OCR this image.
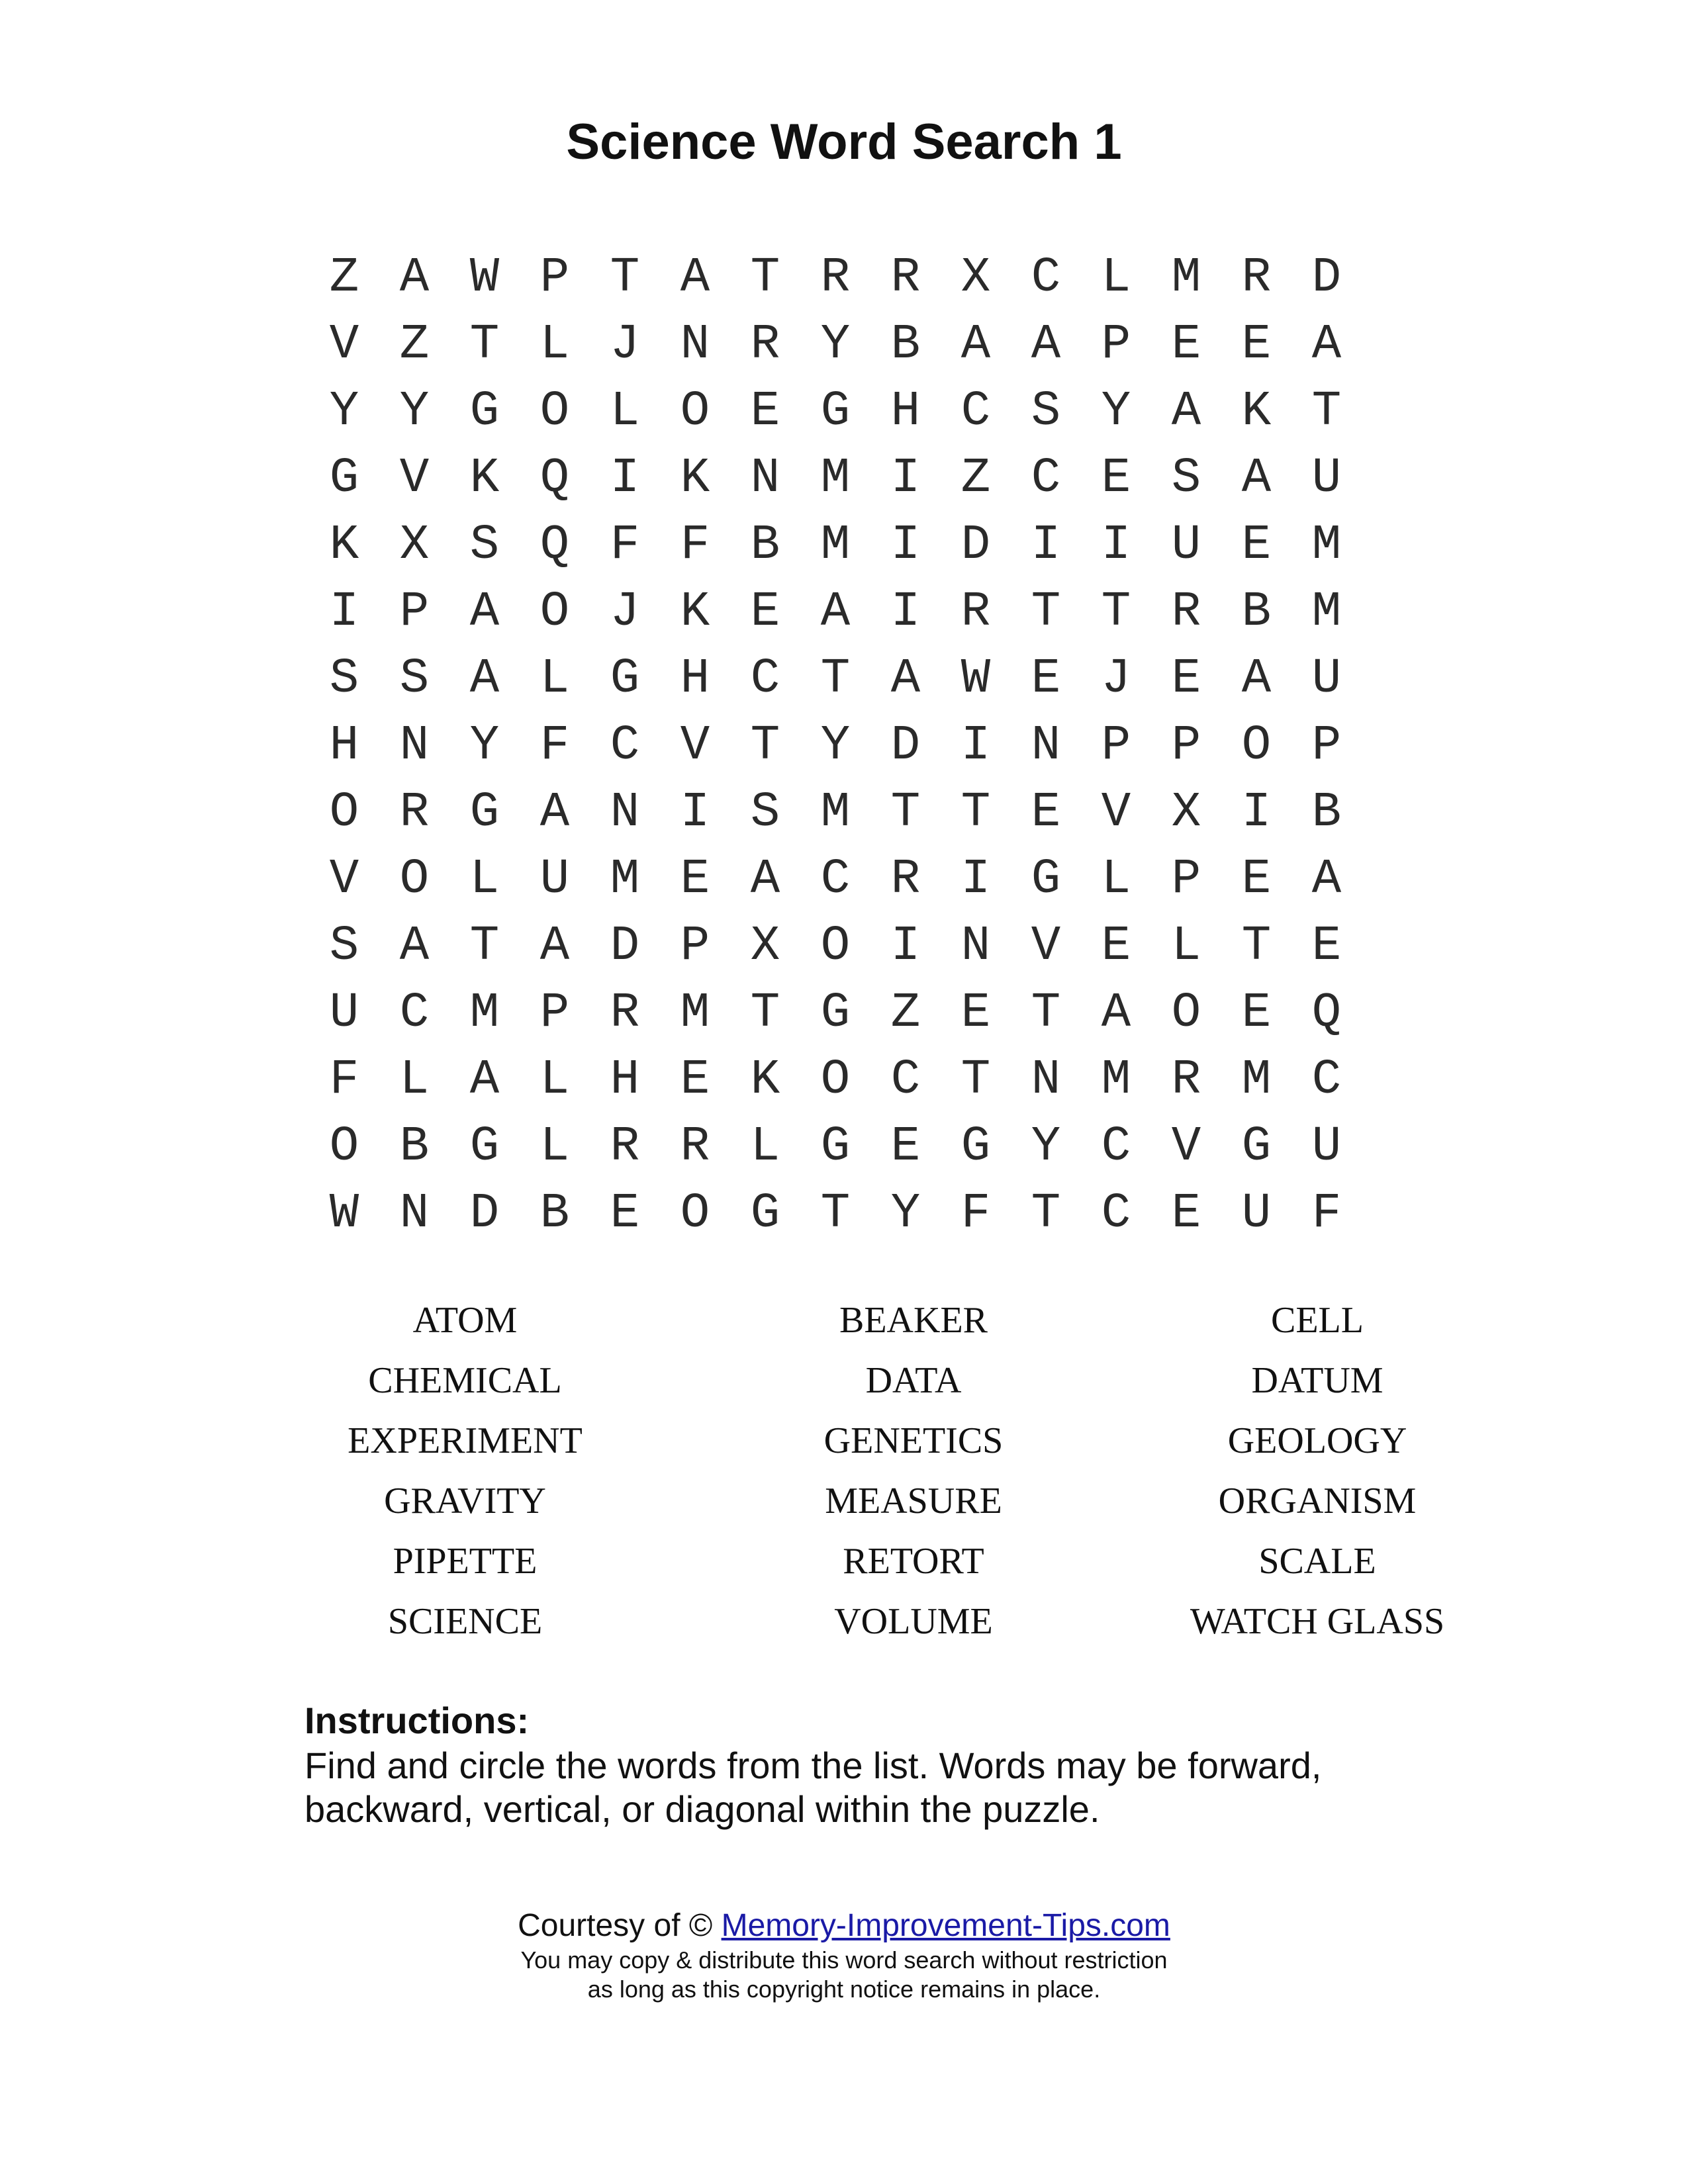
Science Word Search 1
Z A W P T A T R R X C L M R D
V Z T L J N R Y B A A P E E A
Y Y G O L O E G H C S Y A K T
G V K Q I K N M I Z C E S A U
K X S Q F F B M I D I I U E M
I P A O J K E A I R T T R B M
S S A L G H C T A W E J E A U
H N Y F C V T Y D I N P P O P
O R G A N I S M T T E V X I B
V O L U M E A C R I G L P E A
S A T A D P X O I N V E L T E
U C M P R M T G Z E T A O E Q
F L A L H E K O C T N M R M C
O B G L R R L G E G Y C V G U
W N D B E O G T Y F T C E U F
ATOM
CHEMICAL
EXPERIMENT
GRAVITY
PIPETTE
SCIENCE
BEAKER
DATA
GENETICS
MEASURE
RETORT
VOLUME
CELL
DATUM
GEOLOGY
ORGANISM
SCALE
WATCH GLASS
Instructions:
Find and circle the words from the list. Words may be forward,
backward, vertical, or diagonal within the puzzle.
Courtesy of © Memory-Improvement-Tips.com
You may copy & distribute this word search without restriction
as long as this copyright notice remains in place.
